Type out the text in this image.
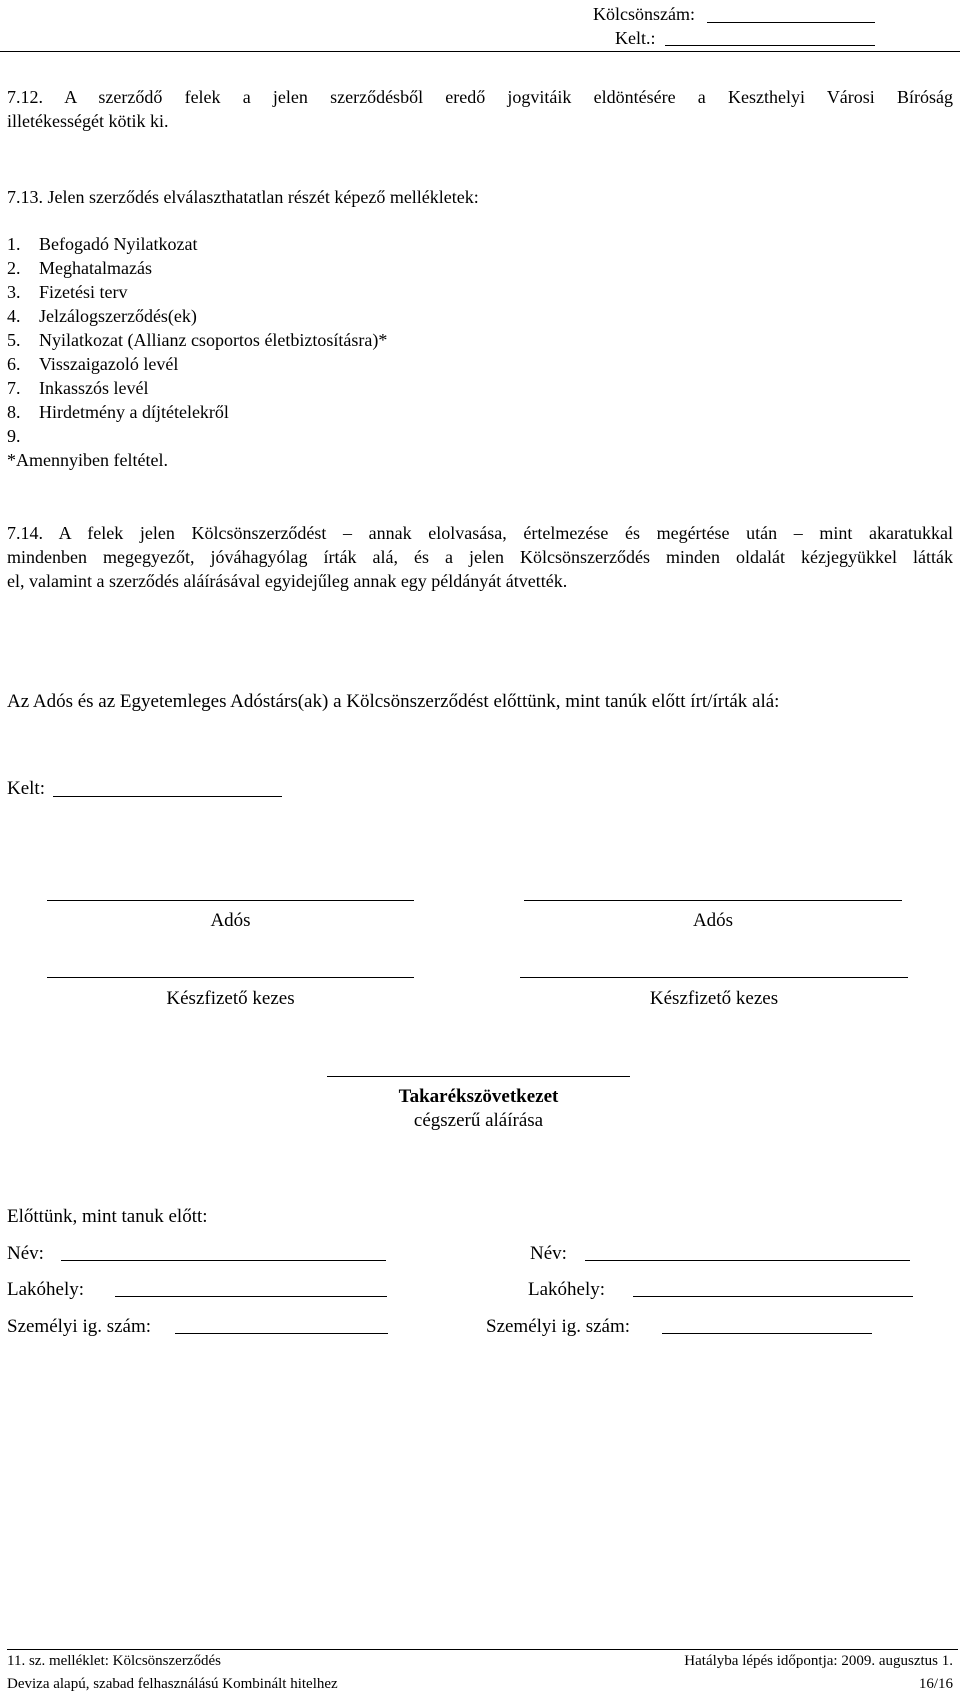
Kölcsönszám:
Kelt.:
7.12. A szerződő felek a jelen szerződésből eredő jogvitáik eldöntésére a Keszthelyi Városi Bíróság
illetékességét kötik ki.
7.13. Jelen szerződés elválaszthatatlan részét képező mellékletek:
1. Befogadó Nyilatkozat
2. Meghatalmazás
3. Fizetési terv
4. Jelzálogszerződés(ek)
5. Nyilatkozat (Allianz csoportos életbiztosításra)*
6. Visszaigazoló levél
7. Inkasszós levél
8. Hirdetmény a díjtételekről
9.
*Amennyiben feltétel.
7.14. A felek jelen Kölcsönszerződést – annak elolvasása, értelmezése és megértése után – mint akaratukkal
mindenben megegyezőt, jóváhagyólag írták alá, és a jelen Kölcsönszerződés minden oldalát kézjegyükkel látták
el, valamint a szerződés aláírásával egyidejűleg annak egy példányát átvették.
Az Adós és az Egyetemleges Adóstárs(ak) a Kölcsönszerződést előttünk, mint tanúk előtt írt/írták alá:
Kelt:
Adós	Adós
Készfizető kezes	Készfizető kezes
Takarékszövetkezet
cégszerű aláírása
Előttünk, mint tanuk előtt:
Név:	Név:
Lakóhely:	Lakóhely:
Személyi ig. szám:	Személyi ig. szám:
11. sz. melléklet: Kölcsönszerződés	Hatályba lépés időpontja: 2009. augusztus 1.
Deviza alapú, szabad felhasználású Kombinált hitelhez	16/16
